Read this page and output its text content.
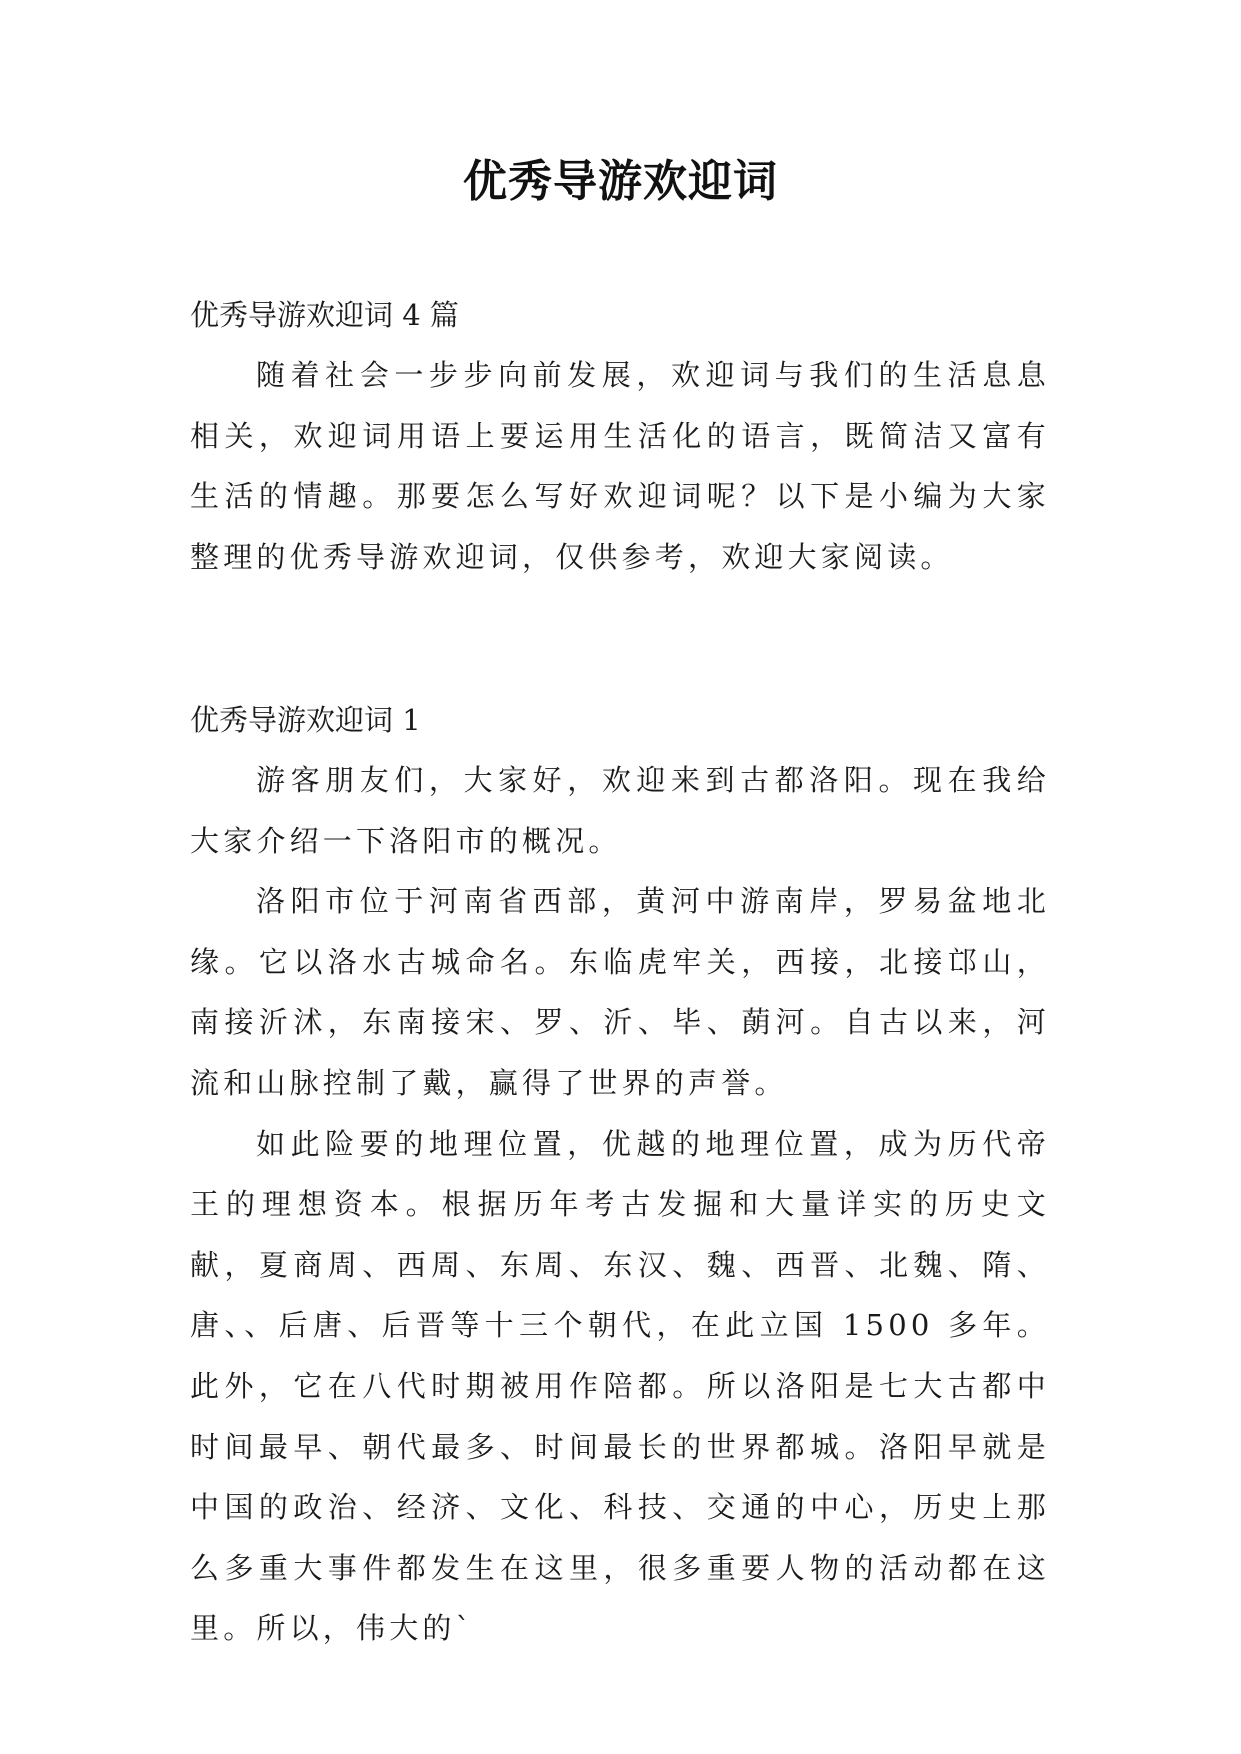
优秀导游欢迎词

优秀导游欢迎词 4 篇

随着社会一步步向前发展，欢迎词与我们的生活息息相关，欢迎词用语上要运用生活化的语言，既简洁又富有生活的情趣。那要怎么写好欢迎词呢？以下是小编为大家整理的优秀导游欢迎词，仅供参考，欢迎大家阅读。

优秀导游欢迎词 1

游客朋友们，大家好，欢迎来到古都洛阳。现在我给大家介绍一下洛阳市的概况。

洛阳市位于河南省西部，黄河中游南岸，罗易盆地北缘。它以洛水古城命名。东临虎牢关，西接，北接邙山，南接沂沭，东南接宋、罗、沂、毕、蓢河。自古以来，河流和山脉控制了戴，赢得了世界的声誉。

如此险要的地理位置，优越的地理位置，成为历代帝王的理想资本。根据历年考古发掘和大量详实的历史文献，夏商周、西周、东周、东汉、魏、西晋、北魏、隋、唐、、后唐、后晋等十三个朝代，在此立国 1500 多年。此外，它在八代时期被用作陪都。所以洛阳是七大古都中时间最早、朝代最多、时间最长的世界都城。洛阳早就是中国的政治、经济、文化、科技、交通的中心，历史上那么多重大事件都发生在这里，很多重要人物的活动都在这里。所以，伟大的`
